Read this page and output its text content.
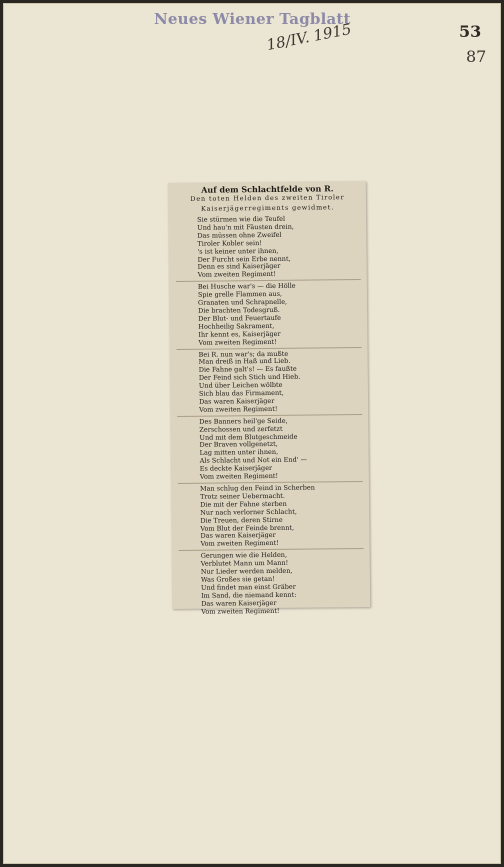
Neues Wiener Tagblatt
18/IV. 1915	53
87
Auf dem Schlachtfelde von R.
Den toten Helden des zweiten Tiroler
Kaiserjägerregiments gewidmet.
Sie stürmen wie die Teufel
Und hau'n mit Fäusten drein,
Das müssen ohne Zweifel
Tiroler Kobler sein!
's ist keiner unter ihnen,
Der Furcht sein Erbe nennt,
Denn es sind Kaiserjäger
Vom zweiten Regiment!
Bei Husche war's — die Hölle
Spie grelle Flammen aus,
Granaten und Schrapnelle,
Die brachten Todesgruß.
Der Blut- und Feuertaufe
Hochheilig Sakrament,
Ihr kennt es, Kaiserjäger
Vom zweiten Regiment!
Bei R. nun war's; da mußte
Man dreiß in Haß und Lieb.
Die Fahne galt's! — Es faußte
Der Feind sich Stich und Hieb.
Und über Leichen wölbte
Sich blau das Firmament,
Das waren Kaiserjäger
Vom zweiten Regiment!
Des Banners heil'ge Seide,
Zerschossen und zerfetzt
Und mit dem Blutgeschmeide
Der Braven vollgenetzt,
Lag mitten unter ihnen,
Als Schlacht und Not ein End' —
Es deckte Kaiserjäger
Vom zweiten Regiment!
Man schlug den Feind in Scherben
Trotz seiner Uebermacht.
Die mit der Fahne sterben
Nur nach verlorner Schlacht,
Die Treuen, deren Stirne
Vom Blut der Feinde brennt,
Das waren Kaiserjäger
Vom zweiten Regiment!
Gerungen wie die Helden,
Verblutet Mann um Mann!
Nur Lieder werden melden,
Was Großes sie getan!
Und findet man einst Gräber
Im Sand, die niemand kennt:
Das waren Kaiserjäger
Vom zweiten Regiment!
